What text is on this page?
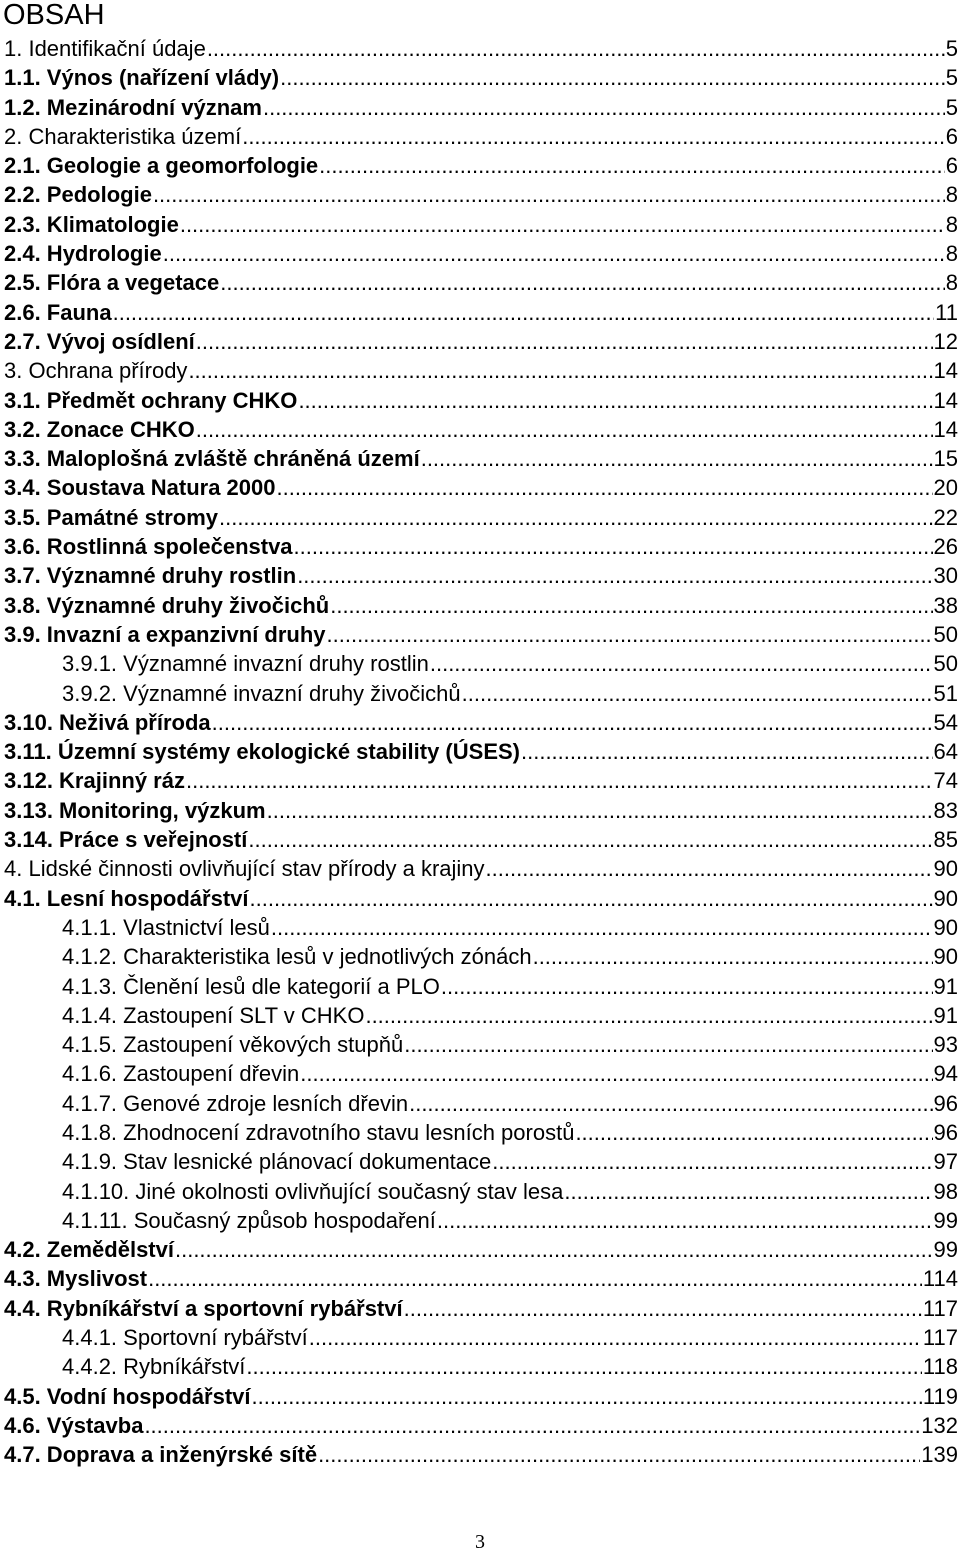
OBSAH
1. Identifikační údaje .....	5
1.1. Výnos (nařízení vlády) .....	5
1.2. Mezinárodní význam .....	5
2. Charakteristika území .....	6
2.1. Geologie a geomorfologie .....	6
2.2. Pedologie .....	8
2.3. Klimatologie .....	8
2.4. Hydrologie .....	8
2.5. Flóra a vegetace .....	8
2.6. Fauna .....	11
2.7. Vývoj osídlení .....	12
3. Ochrana přírody .....	14
3.1. Předmět ochrany CHKO .....	14
3.2. Zonace CHKO .....	14
3.3. Maloplošná zvláště chráněná území .....	15
3.4. Soustava Natura 2000 .....	20
3.5. Památné stromy .....	22
3.6. Rostlinná společenstva .....	26
3.7. Významné druhy rostlin .....	30
3.8. Významné druhy živočichů .....	38
3.9. Invazní a expanzivní druhy .....	50
3.9.1. Významné invazní druhy rostlin .....	50
3.9.2. Významné invazní druhy živočichů .....	51
3.10. Neživá příroda .....	54
3.11. Územní systémy ekologické stability (ÚSES) .....	64
3.12. Krajinný ráz .....	74
3.13. Monitoring, výzkum .....	83
3.14. Práce s veřejností .....	85
4. Lidské činnosti ovlivňující stav přírody a krajiny .....	90
4.1. Lesní hospodářství .....	90
4.1.1. Vlastnictví lesů .....	90
4.1.2. Charakteristika lesů v jednotlivých zónách .....	90
4.1.3. Členění lesů dle kategorií a PLO .....	91
4.1.4. Zastoupení SLT v CHKO .....	91
4.1.5. Zastoupení věkových stupňů .....	93
4.1.6. Zastoupení dřevin .....	94
4.1.7. Genové zdroje lesních dřevin .....	96
4.1.8. Zhodnocení zdravotního stavu lesních porostů .....	96
4.1.9. Stav lesnické plánovací dokumentace .....	97
4.1.10. Jiné okolnosti ovlivňující současný stav lesa .....	98
4.1.11. Současný způsob hospodaření .....	99
4.2. Zemědělství .....	99
4.3. Myslivost .....	114
4.4. Rybníkářství a sportovní rybářství .....	117
4.4.1. Sportovní rybářství .....	117
4.4.2. Rybníkářství .....	118
4.5. Vodní hospodářství .....	119
4.6. Výstavba .....	132
4.7. Doprava a inženýrské sítě .....	139

3
